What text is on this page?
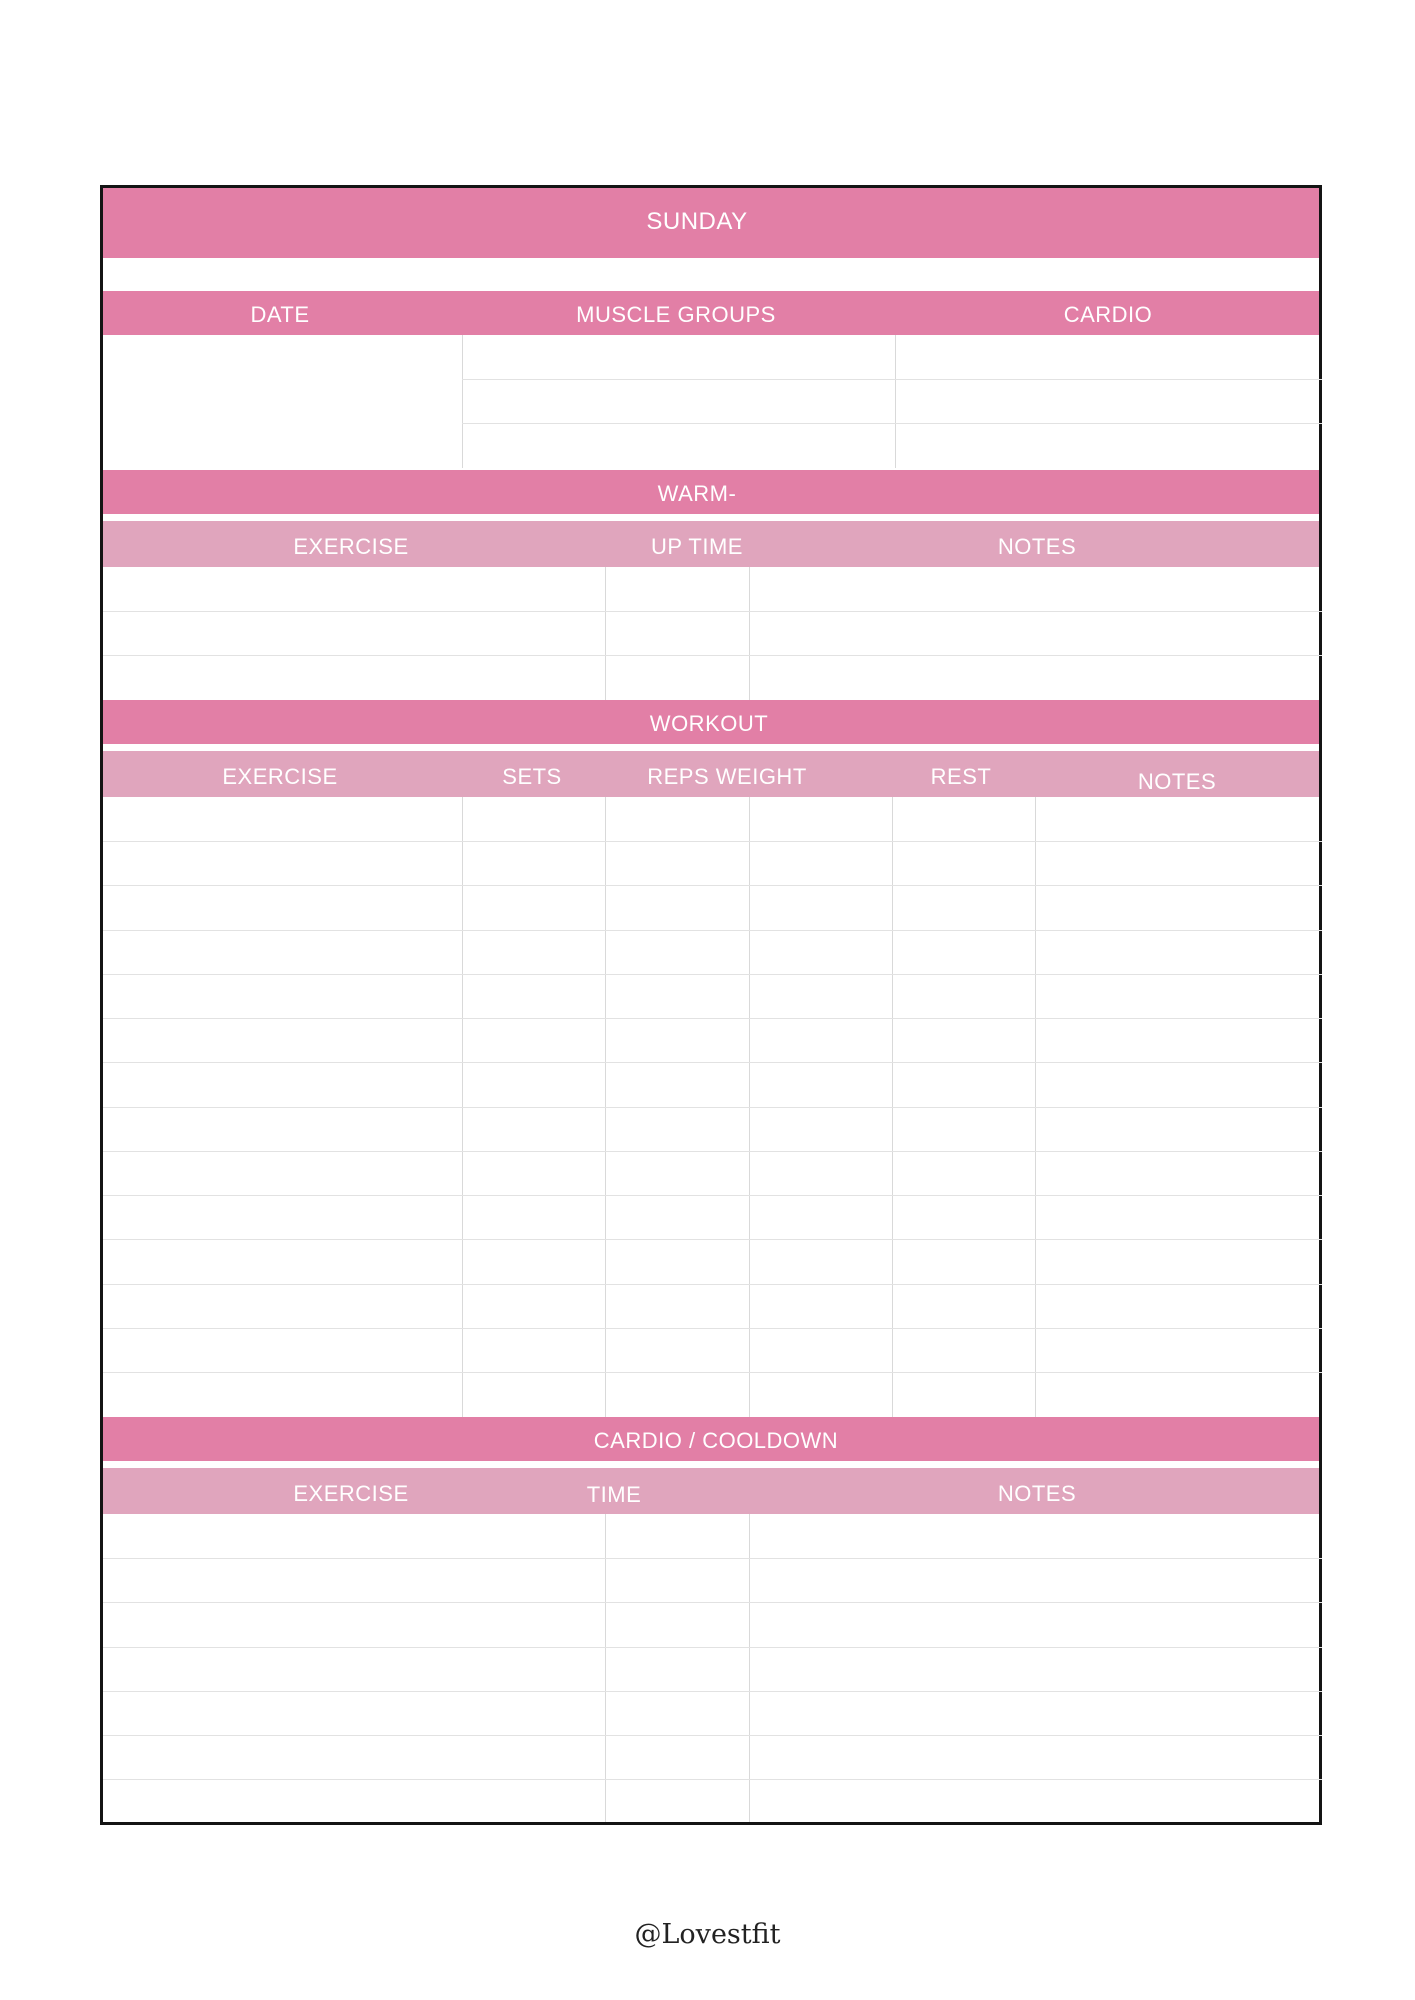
SUNDAY
DATE	MUSCLE GROUPS	CARDIO
WARM-
EXERCISE	UP TIME	NOTES
WORKOUT
EXERCISE	SETS	REPS WEIGHT	REST	NOTES
CARDIO / COOLDOWN
EXERCISE	TIME	NOTES
@Lovestfit
